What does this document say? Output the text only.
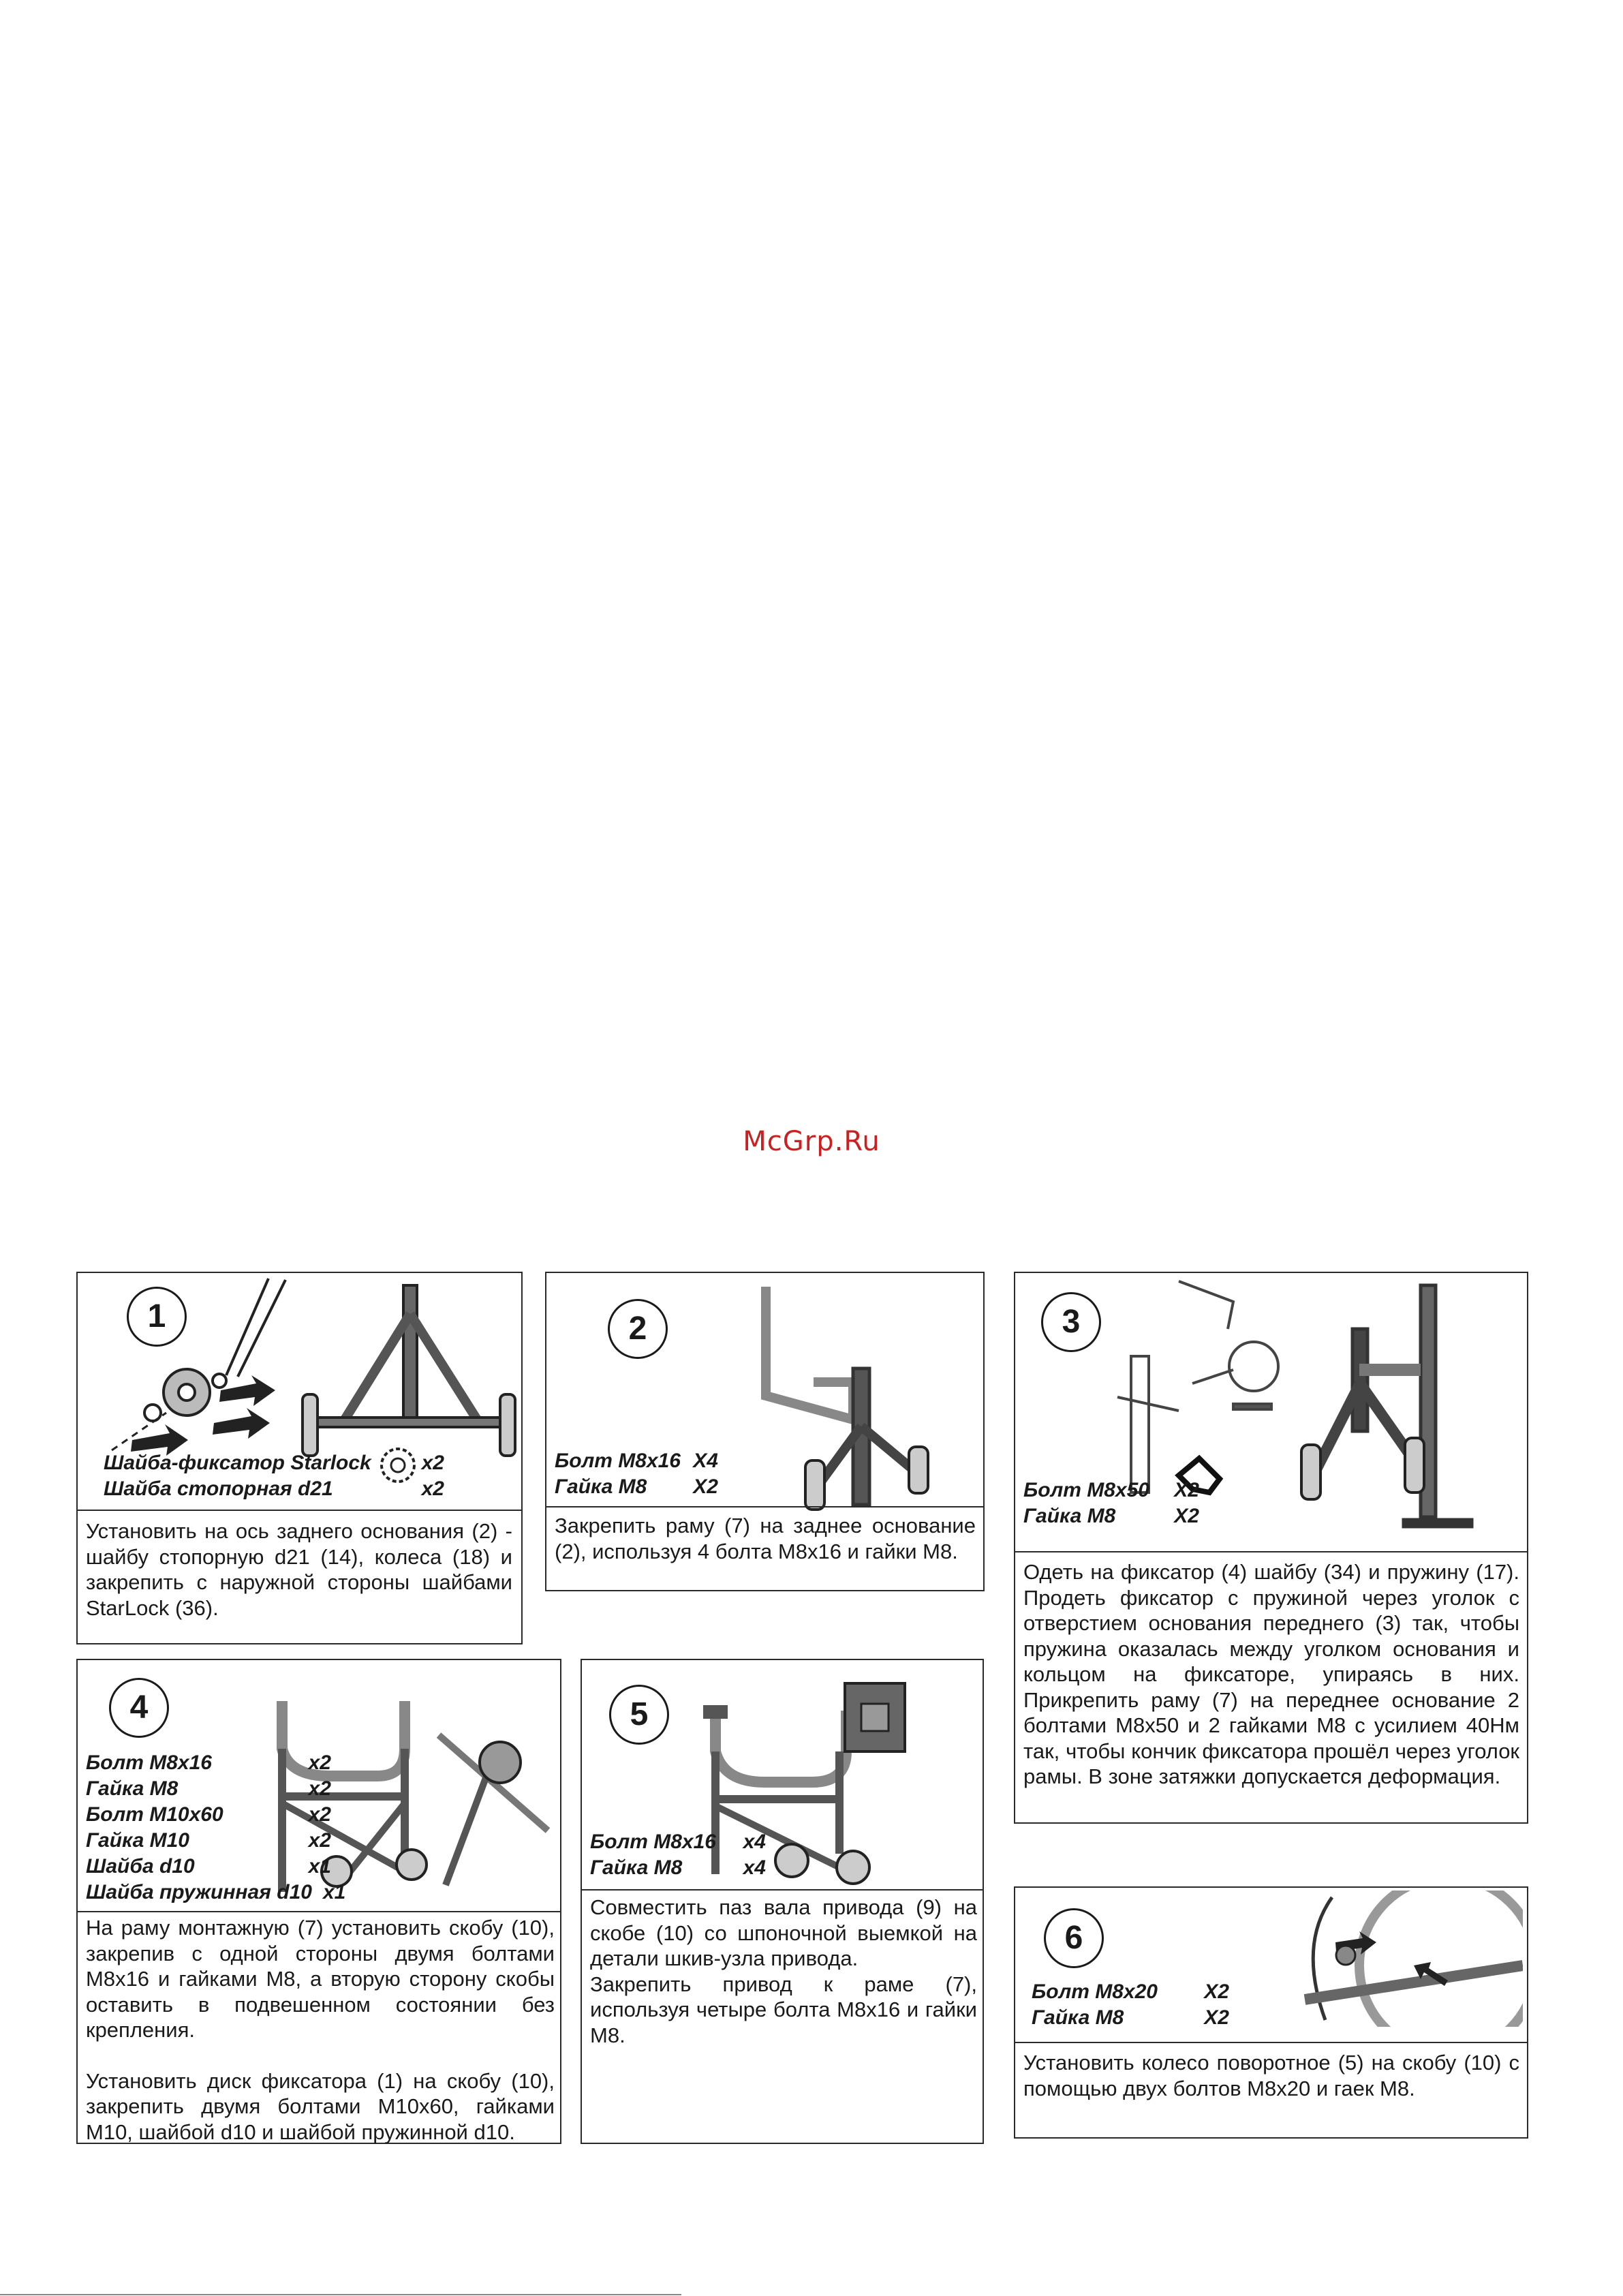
McGrp.Ru
1
Шайба-фиксатор Starlock	x2
Шайба стопорная d21	x2

Установить на ось заднего основания (2) - шайбу стопорную d21 (14), колеса (18) и закрепить с наружной стороны шайбами StarLock (36).

2
Болт М8х16 Х4
Гайка М8	Х2

Закрепить раму (7) на заднее основание (2), используя 4 болта М8х16 и гайки М8.

3
Болт М8х50	Х2
Гайка М8	Х2

Одеть на фиксатор (4) шайбу (34) и пружину (17). Продеть фиксатор с пружиной через уголок с отверстием основания переднего (3) так, чтобы пружина оказалась между уголком основания и кольцом на фиксаторе, упираясь в них. Прикрепить раму (7) на переднее основание 2 болтами М8х50 и 2 гайками М8 с усилием 40Нм так, чтобы кончик фиксатора прошёл через уголок рамы. В зоне затяжки допускается деформация.

4
Болт М8х16	x2
Гайка М8	x2
Болт М10х60	x2
Гайка М10	x2
Шайба d10	x1
Шайба пружинная d10 x1

На раму монтажную (7) установить скобу (10), закрепив с одной стороны двумя болтами М8х16 и гайками М8, а вторую сторону скобы оставить в подвешенном состоянии без крепления.

Установить диск фиксатора (1) на скобу (10), закрепить двумя болтами М10х60, гайками М10, шайбой d10 и шайбой пружинной d10.

5
Болт М8х16	x4
Гайка М8	x4

Совместить паз вала привода (9) на скобе (10) со шпоночной выемкой на детали шкив-узла привода.

Закрепить привод к раме (7), используя четыре болта М8х16 и гайки М8.

6
Болт М8х20	Х2
Гайка М8	Х2

Установить колесо поворотное (5) на скобу (10) с помощью двух болтов М8х20 и гаек М8.
